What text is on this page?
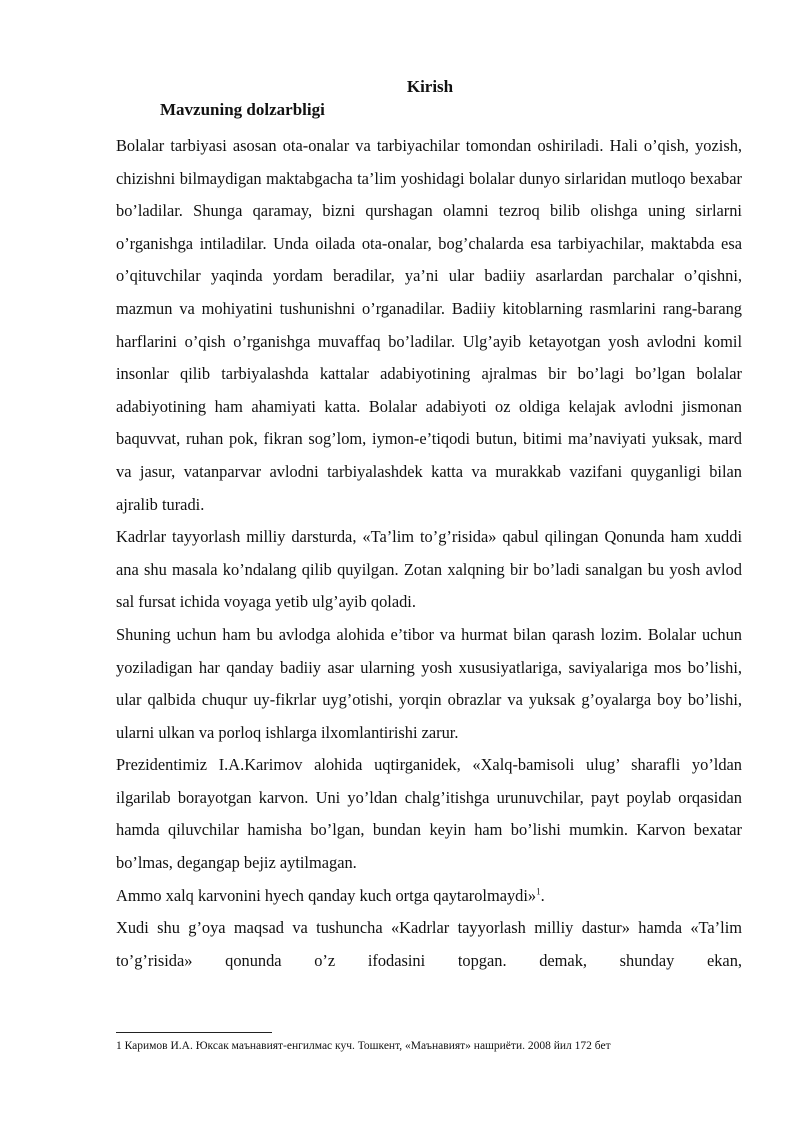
Kirish
Mavzuning dolzarbligi

Bolalar tarbiyasi asosan ota-onalar va tarbiyachilar tomondan oshiriladi. Hali o’qish, yozish, chizishni bilmaydigan maktabgacha ta’lim yoshidagi bolalar dunyo sirlaridan mutloqo bexabar bo’ladilar. Shunga qaramay, bizni qurshagan olamni tezroq bilib olishga uning sirlarni o’rganishga intiladilar. Unda oilada ota-onalar, bog’chalarda esa tarbiyachilar, maktabda esa o’qituvchilar yaqinda yordam beradilar, ya’ni ular badiiy asarlardan parchalar o’qishni, mazmun va mohiyatini tushunishni o’rganadilar. Badiiy kitoblarning rasmlarini rang-barang harflarini o’qish o’rganishga muvaffaq bo’ladilar. Ulg’ayib ketayotgan yosh avlodni komil insonlar qilib tarbiyalashda kattalar adabiyotining ajralmas bir bo’lagi bo’lgan bolalar adabiyotining ham ahamiyati katta. Bolalar adabiyoti oz oldiga kelajak avlodni jismonan baquvvat, ruhan pok, fikran sog’lom, iymon-e’tiqodi butun, bitimi ma’naviyati yuksak, mard va jasur, vatanparvar avlodni tarbiyalashdek katta va murakkab vazifani quyganligi bilan ajralib turadi.

Kadrlar tayyorlash milliy darsturda, «Ta’lim to’g’risida» qabul qilingan Qonunda ham xuddi ana shu masala ko’ndalang qilib quyilgan. Zotan xalqning bir bo’ladi sanalgan bu yosh avlod sal fursat ichida voyaga yetib ulg’ayib qoladi.

Shuning uchun ham bu avlodga alohida e’tibor va hurmat bilan qarash lozim. Bolalar uchun yoziladigan har qanday badiiy asar ularning yosh xususiyatlariga, saviyalariga mos bo’lishi, ular qalbida chuqur uy-fikrlar uyg’otishi, yorqin obrazlar va yuksak g’oyalarga boy bo’lishi, ularni ulkan va porloq ishlarga ilxomlantirishi zarur.

Prezidentimiz I.A.Karimov alohida uqtirganidek, «Xalq-bamisoli ulug’ sharafli yo’ldan ilgarilab borayotgan karvon. Uni yo’ldan chalg’itishga urunuvchilar, payt poylab orqasidan hamda qiluvchilar hamisha bo’lgan, bundan keyin ham bo’lishi mumkin. Karvon bexatar bo’lmas, degangap bejiz aytilmagan.

Ammo xalq karvonini hyech qanday kuch ortga qaytarolmaydi»$^1$.

Xudi shu g’oya maqsad va tushuncha «Kadrlar tayyorlash milliy dastur» hamda «Ta’lim to’g’risida» qonunda o’z ifodasini topgan. demak, shunday ekan,

1 Каримов И.А. Юксак маънавият-енгилмас куч. Тошкент, «Маънавият» нашриёти. 2008 йил 172 бет
